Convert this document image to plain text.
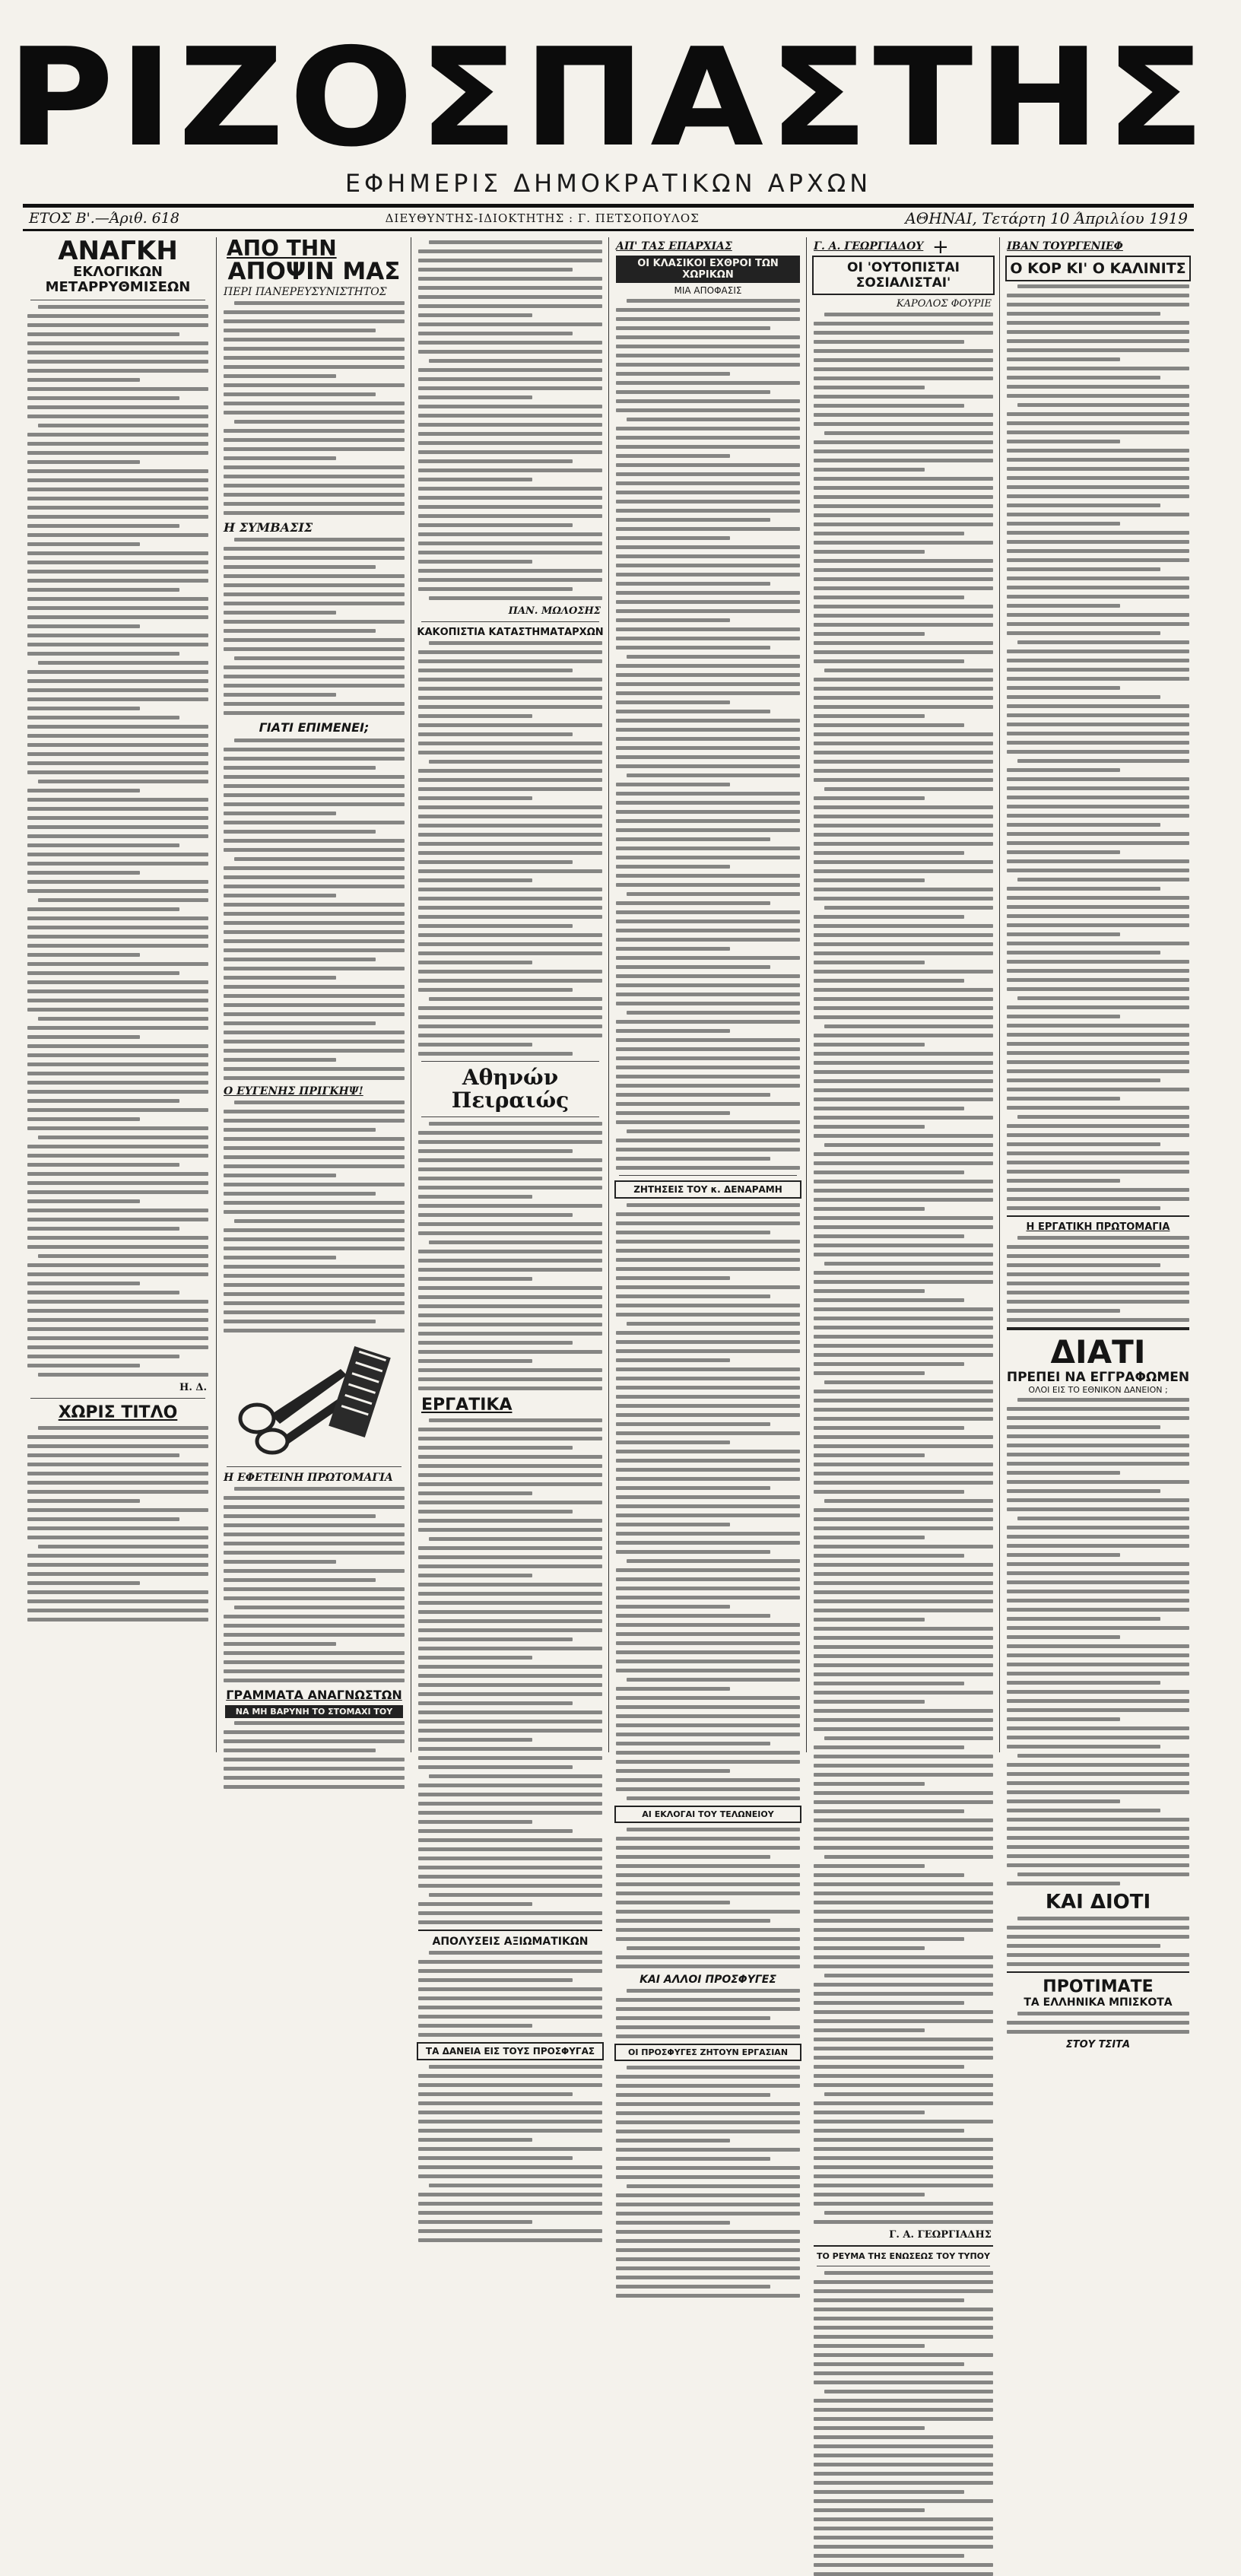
ΡΙΖΟΣΠΑΣΤΗΣ
ΕΦΗΜΕΡΙΣ ΔΗΜΟΚΡΑΤΙΚΩΝ ΑΡΧΩΝ
ΕΤΟΣ Β'.—Άριθ. 618	ΔΙΕΥΘΥΝΤΗΣ-ΙΔΙΟΚΤΗΤΗΣ : Γ. ΠΕΤΣΟΠΟΥΛΟΣ	ΑΘΗΝΑΙ, Τετάρτη 10 Άπριλίου 1919
ΑΝΑΓΚΗ
ΕΚΛΟΓΙΚΩΝ ΜΕΤΑΡΡΥΘΜΙΣΕΩΝ
Η. Δ.
ΧΩΡΙΣ ΤΙΤΛΟ
ΑΠΟ ΤΗΝ
ΑΠΟΨΙΝ ΜΑΣ
ΠΕΡΙ ΠΑΝΕΡΕΥΣΥΝΙΣΤΗΤΟΣ
Η ΣΥΜΒΑΣΙΣ
ΓΙΑΤΙ ΕΠΙΜΕΝΕΙ;
Ο ΕΥΓΕΝΗΣ ΠΡΙΓΚΗΨ!
Η ΕΦΕΤΕΙΝΗ ΠΡΩΤΟΜΑΓΙΑ
ΓΡΑΜΜΑΤΑ ΑΝΑΓΝΩΣΤΩΝ
ΝΑ ΜΗ ΒΑΡΥΝΗ ΤΟ ΣΤΟΜΑΧΙ ΤΟΥ
ΠΑΝ. ΜΩΛΟΣΗΣ
ΚΑΚΟΠΙΣΤΙΑ ΚΑΤΑΣΤΗΜΑΤΑΡΧΩΝ
Αθηνών Πειραιώς
ΕΡΓΑΤΙΚΑ
ΑΠΟΛΥΣΕΙΣ ΑΞΙΩΜΑΤΙΚΩΝ
ΤΑ ΔΑΝΕΙΑ ΕΙΣ ΤΟΥΣ ΠΡΟΣΦΥΓΑΣ
ΑΠ' ΤΑΣ ΕΠΑΡΧΙΑΣ
ΟΙ ΚΛΑΣΙΚΟΙ ΕΧΘΡΟΙ ΤΩΝ ΧΩΡΙΚΩΝ
ΜΙΑ ΑΠΟΦΑΣΙΣ
ΖΗΤΗΣΕΙΣ ΤΟΥ κ. ΔΕΝΑΡΑΜΗ
ΑΙ ΕΚΛΟΓΑΙ ΤΟΥ ΤΕΛΩΝΕΙΟΥ
ΚΑΙ ΑΛΛΟΙ ΠΡΟΣΦΥΓΕΣ
ΟΙ ΠΡΟΣΦΥΓΕΣ ΖΗΤΟΥΝ ΕΡΓΑΣΙΑΝ
+
Γ. Α. ΓΕΩΡΓΙΑΔΟΥ
ΟΙ 'ΟΥΤΟΠΙΣΤΑΙ ΣΟΣΙΑΛΙΣΤΑΙ'
ΚΑΡΟΛΟΣ ΦΟΥΡΙΕ
Γ. Α. ΓΕΩΡΓΙΑΔΗΣ
ΤΟ ΡΕΥΜΑ ΤΗΣ ΕΝΩΣΕΩΣ ΤΟΥ ΤΥΠΟΥ
ΙΒΑΝ ΤΟΥΡΓΕΝΙΕΦ
Ο ΚΟΡ ΚΙ' Ο ΚΑΛΙΝΙΤΣ
Η ΕΡΓΑΤΙΚΗ ΠΡΩΤΟΜΑΓΙΑ
ΔΙΑΤΙ
ΠΡΕΠΕΙ ΝΑ ΕΓΓΡΑΦΩΜΕΝ
ΟΛΟΙ ΕΙΣ ΤΟ ΕΘΝΙΚΟΝ ΔΑΝΕΙΟΝ ;
ΚΑΙ ΔΙΟΤΙ
ΠΡΟΤΙΜΑΤΕ
ΤΑ ΕΛΛΗΝΙΚΑ ΜΠΙΣΚΟΤΑ
ΣΤΟΥ ΤΣΙΤΑ
